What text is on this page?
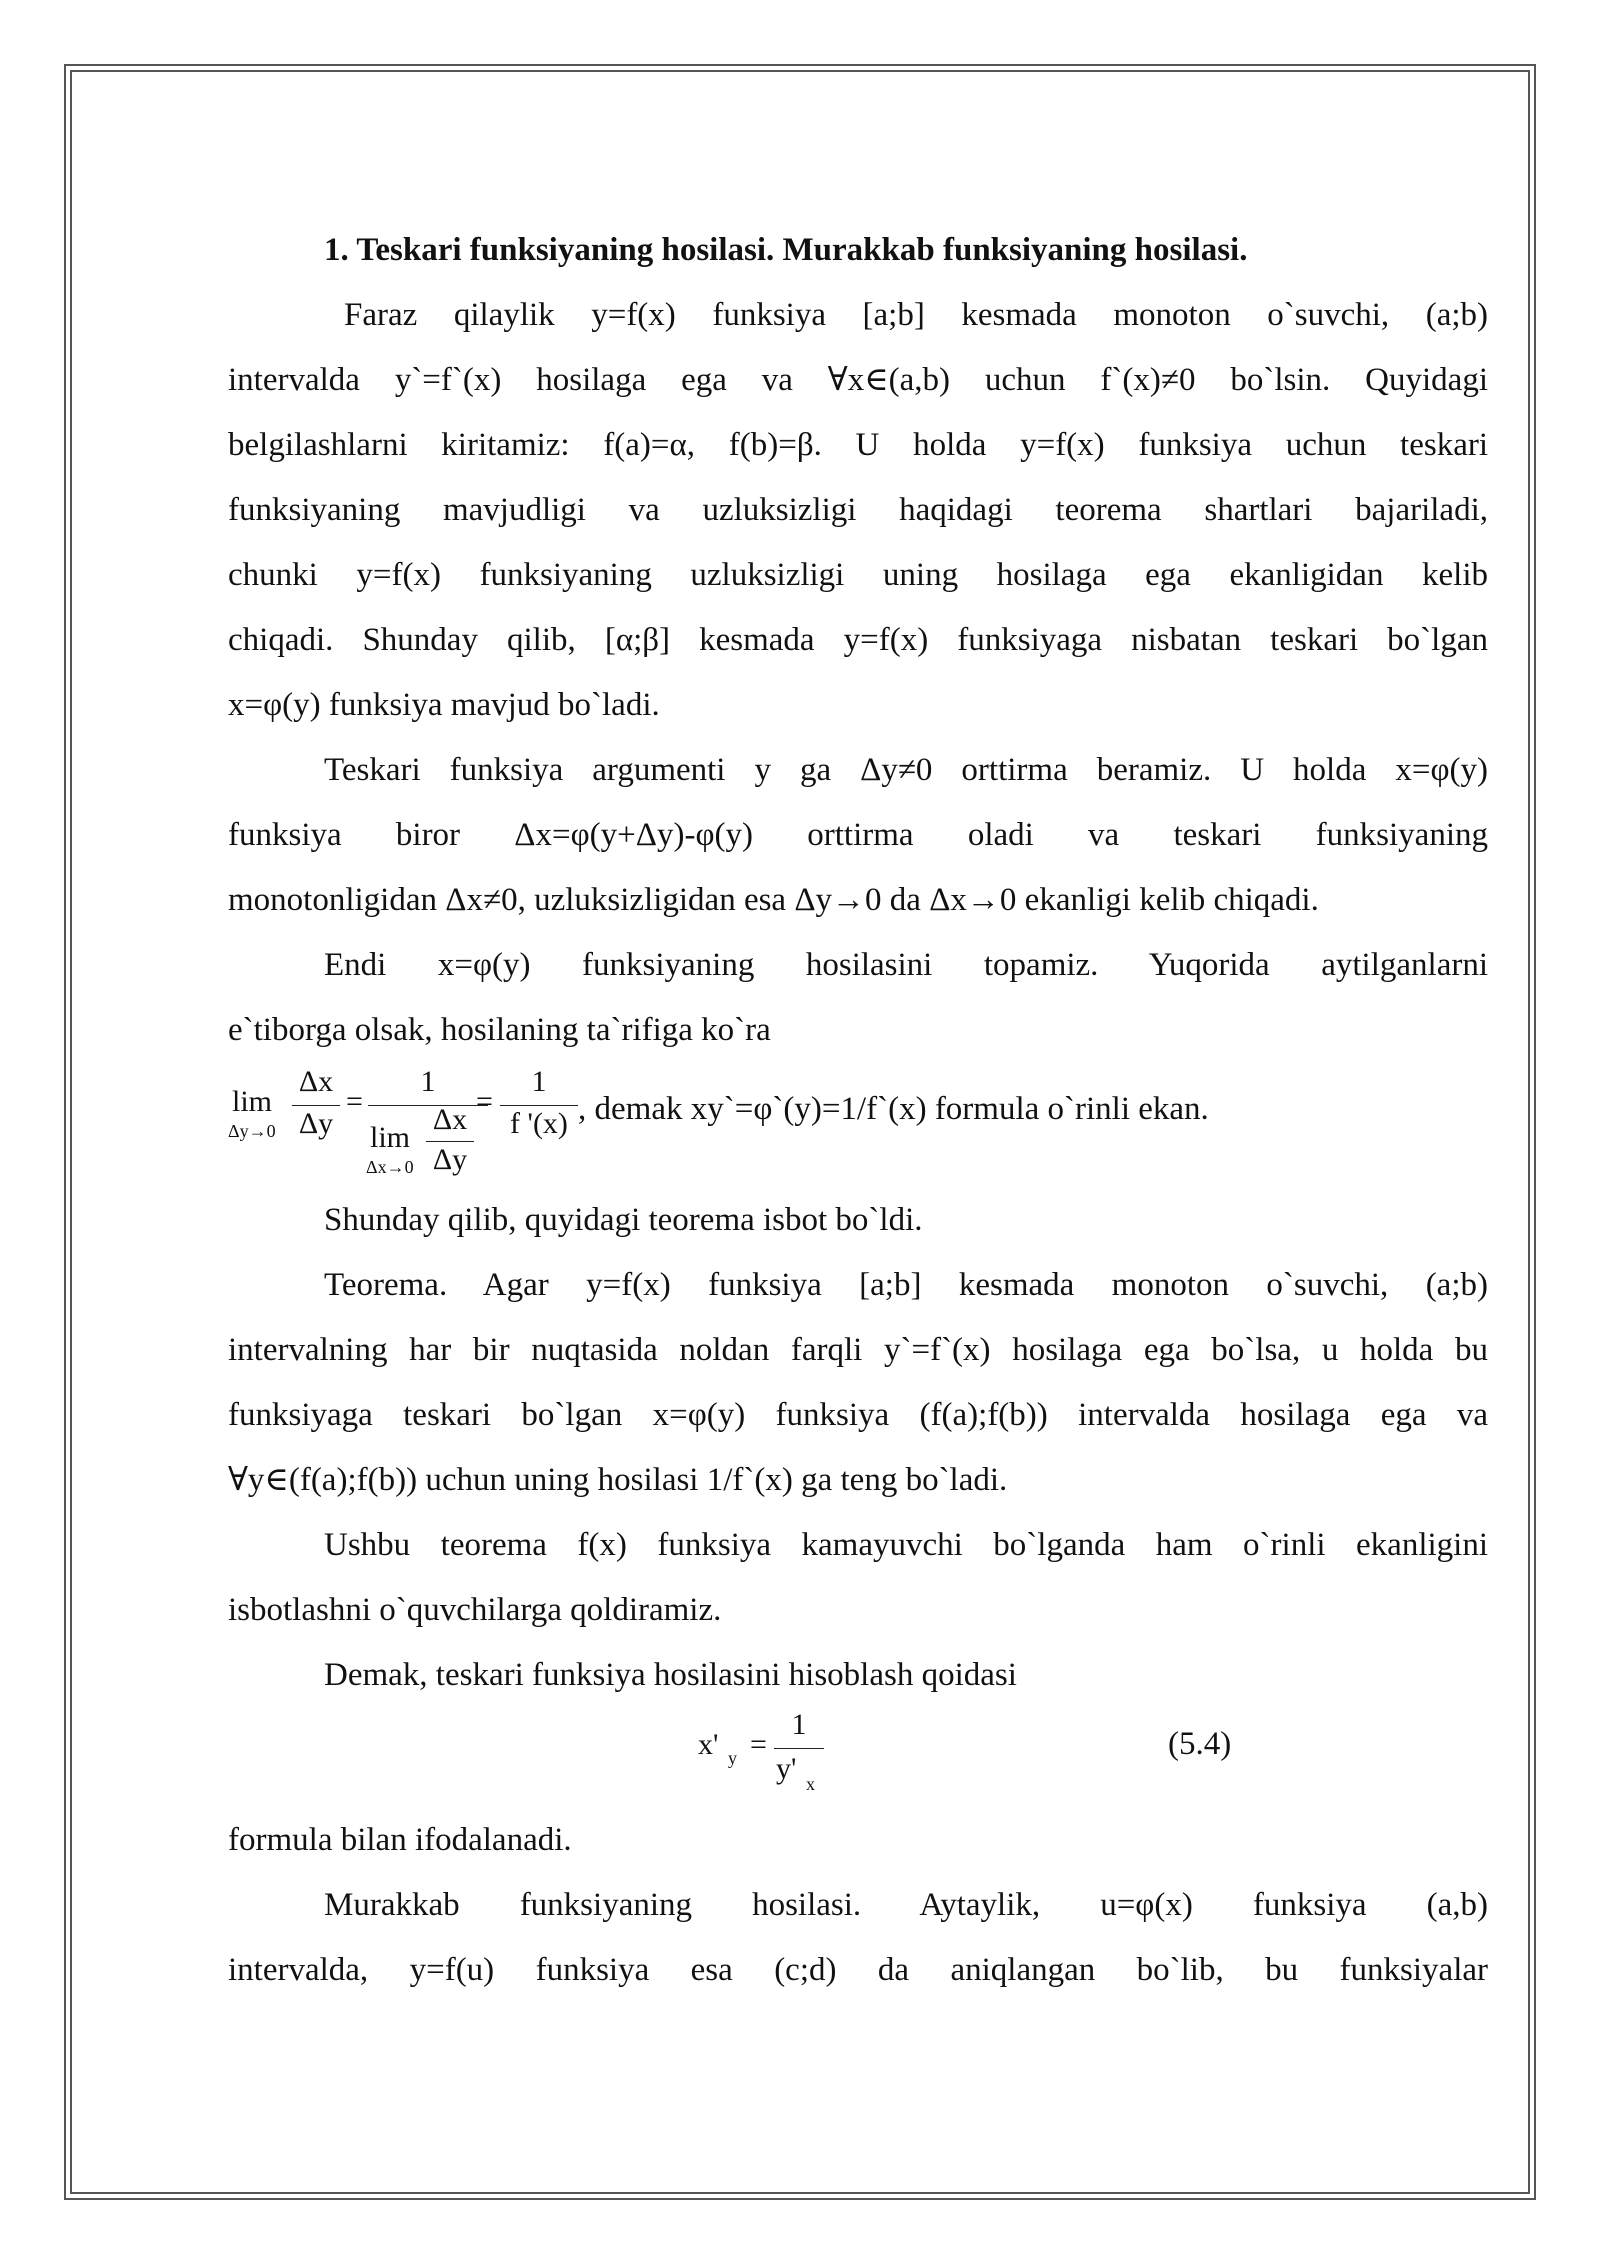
1. Teskari funksiyaning hosilasi. Murakkab funksiyaning hosilasi.
Faraz qilaylik y=f(x) funksiya [a;b] kesmada monoton o`suvchi, (a;b)
intervalda y`=f`(x) hosilaga ega va ∀x∈(a,b) uchun f`(x)≠0 bo`lsin. Quyidagi
belgilashlarni kiritamiz: f(a)=α, f(b)=β. U holda y=f(x) funksiya uchun teskari
funksiyaning mavjudligi va uzluksizligi haqidagi teorema shartlari bajariladi,
chunki y=f(x) funksiyaning uzluksizligi uning hosilaga ega ekanligidan kelib
chiqadi. Shunday qilib, [α;β] kesmada y=f(x) funksiyaga nisbatan teskari bo`lgan
x=φ(y) funksiya mavjud bo`ladi.
Teskari funksiya argumenti y ga Δy≠0 orttirma beramiz. U holda x=φ(y)
funksiya biror Δx=φ(y+Δy)-φ(y) orttirma oladi va teskari funksiyaning
monotonligidan Δx≠0, uzluksizligidan esa Δy→0 da Δx→0 ekanligi kelib chiqadi.
Endi x=φ(y) funksiyaning hosilasini topamiz. Yuqorida aytilganlarni
e`tiborga olsak, hosilaning ta`rifiga ko`ra
lim
Δy→0
Δx
Δy
=
1
lim
Δx→0
Δx
Δy
=
1
f '(x) , demak xy`=φ`(y)=1/f`(x) formula o`rinli ekan.
Shunday qilib, quyidagi teorema isbot bo`ldi.
Teorema. Agar y=f(x) funksiya [a;b] kesmada monoton o`suvchi, (a;b)
intervalning har bir nuqtasida noldan farqli y`=f`(x) hosilaga ega bo`lsa, u holda bu
funksiyaga teskari bo`lgan x=φ(y) funksiya (f(a);f(b)) intervalda hosilaga ega va
∀y∈(f(a);f(b)) uchun uning hosilasi 1/f`(x) ga teng bo`ladi.
Ushbu teorema f(x) funksiya kamayuvchi bo`lganda ham o`rinli ekanligini
isbotlashni o`quvchilarga qoldiramiz.
Demak, teskari funksiya hosilasini hisoblash qoidasi
x' y =
1
y' x
(5.4)
formula bilan ifodalanadi.
Murakkab funksiyaning hosilasi. Aytaylik, u=φ(x) funksiya (a,b)
intervalda, y=f(u) funksiya esa (c;d) da aniqlangan bo`lib, bu funksiyalar
